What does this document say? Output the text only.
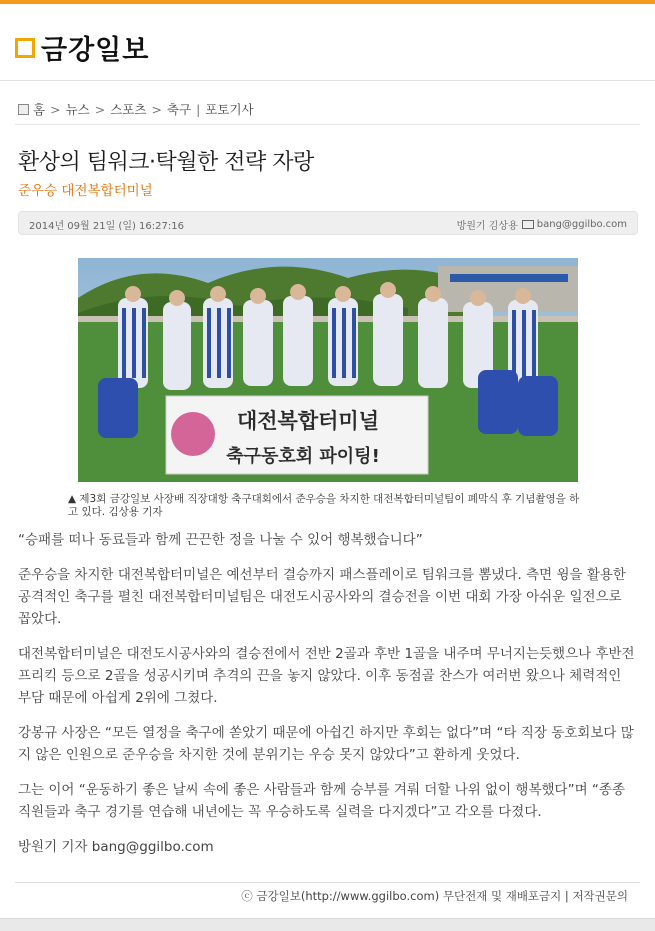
금강일보
홈 > 뉴스 > 스포츠 > 축구 | 포토기사
환상의 팀워크·탁월한 전략 자랑
준우승 대전복합터미널
2014년 09월 21일 (일) 16:27:16	방원기 김상용 bang@ggilbo.com
대전복합터미널
축구동호회 파이팅!
▲ 제3회 금강일보 사장배 직장대항 축구대회에서 준우승을 차지한 대전복합터미널팀이 폐막식 후 기념촬영을 하고 있다. 김상용 기자

“승패를 떠나 동료들과 함께 끈끈한 정을 나눌 수 있어 행복했습니다”

준우승을 차지한 대전복합터미널은 예선부터 결승까지 패스플레이로 팀워크를 뽐냈다. 측면 윙을 활용한 공격적인 축구를 펼친 대전복합터미널팀은 대전도시공사와의 결승전을 이번 대회 가장 아쉬운 일전으로 꼽았다.

대전복합터미널은 대전도시공사와의 결승전에서 전반 2골과 후반 1골을 내주며 무너지는듯했으나 후반전 프리킥 등으로 2골을 성공시키며 추격의 끈을 놓지 않았다. 이후 동점골 찬스가 여러번 왔으나 체력적인 부담 때문에 아쉽게 2위에 그쳤다.

강봉규 사장은 “모든 열정을 축구에 쏟았기 때문에 아쉽긴 하지만 후회는 없다”며 “타 직장 동호회보다 많지 않은 인원으로 준우승을 차지한 것에 분위기는 우승 못지 않았다”고 환하게 웃었다.

그는 이어 “운동하기 좋은 날씨 속에 좋은 사람들과 함께 승부를 겨뤄 더할 나위 없이 행복했다”며 “종종 직원들과 축구 경기를 연습해 내년에는 꼭 우승하도록 실력을 다지겠다”고 각오를 다졌다.

방원기 기자 bang@ggilbo.com
ⓒ 금강일보(http://www.ggilbo.com) 무단전재 및 재배포금지 | 저작권문의
